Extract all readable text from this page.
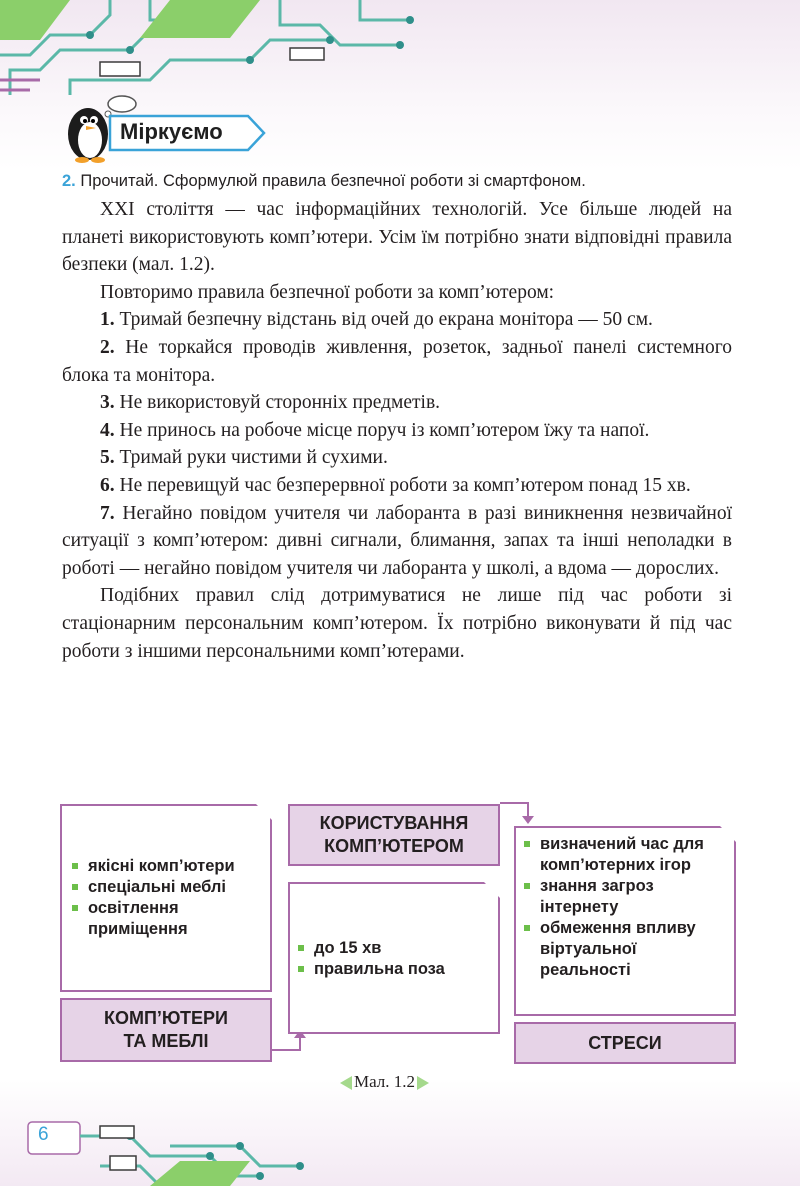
Міркуємо
2. Прочитай. Сформулюй правила безпечної роботи зі смартфоном.

XXI століття — час інформаційних технологій. Усе більше людей на планеті використовують комп’ютери. Усім їм потрібно знати відповідні правила безпеки (мал. 1.2).

Повторимо правила безпечної роботи за комп’ютером:

1. Тримай безпечну відстань від очей до екрана монітора — 50 см.

2. Не торкайся проводів живлення, розеток, задньої панелі системного блока та монітора.

3. Не використовуй сторонніх предметів.

4. Не принось на робоче місце поруч із комп’ютером їжу та напої.

5. Тримай руки чистими й сухими.

6. Не перевищуй час безперервної роботи за комп’ютером понад 15 хв.

7. Негайно повідом учителя чи лаборанта в разі виникнення незвичайної ситуації з комп’ютером: дивні сигнали, блимання, запах та інші неполадки в роботі — негайно повідом учителя чи лаборанта у школі, а вдома — дорослих.

Подібних правил слід дотримуватися не лише під час роботи зі стаціонарним персональним комп’ютером. Їх потрібно виконувати й під час роботи з іншими персональними комп’ютерами.

якісні комп’ютери
спеціальні меблі
освітлення приміщення
КОМП’ЮТЕРИ
ТА МЕБЛІ
КОРИСТУВАННЯ
КОМП’ЮТЕРОМ
до 15 хв
правильна поза
визначений час для комп’ютерних ігор
знання загроз інтернету
обмеження впливу віртуальної реальності
СТРЕСИ
Мал. 1.2
6
